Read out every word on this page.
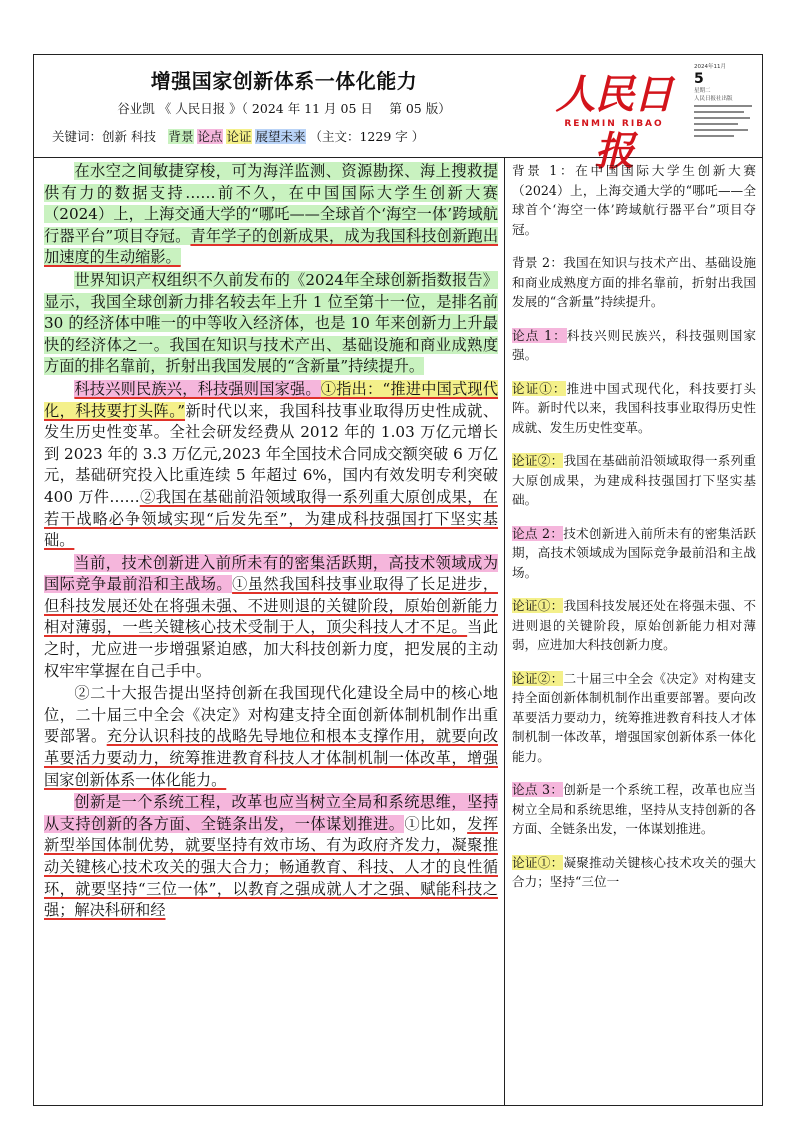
增强国家创新体系一体化能力
谷业凯 《 人民日报 》（ 2024 年 11 月 05 日　 第 05 版）
关键词：创新 科技　背景 论点 论证 展望未来 （主文：1229 字 ）
人民日报
RENMIN RIBAO
2024年11月
5
星期二
人民日报社出版

在水空之间敏捷穿梭，可为海洋监测、资源勘探、海上搜救提供有力的数据支持……前不久，在中国国际大学生创新大赛（2024）上，上海交通大学的“哪吒——全球首个‘海空一体’跨域航行器平台”项目夺冠。青年学子的创新成果，成为我国科技创新跑出加速度的生动缩影。

世界知识产权组织不久前发布的《2024年全球创新指数报告》显示，我国全球创新力排名较去年上升 1 位至第十一位，是排名前 30 的经济体中唯一的中等收入经济体，也是 10 年来创新力上升最快的经济体之一。我国在知识与技术产出、基础设施和商业成熟度方面的排名靠前，折射出我国发展的“含新量”持续提升。

科技兴则民族兴，科技强则国家强。①指出：“推进中国式现代化，科技要打头阵。”新时代以来，我国科技事业取得历史性成就、发生历史性变革。全社会研发经费从 2012 年的 1.03 万亿元增长到 2023 年的 3.3 万亿元,2023 年全国技术合同成交额突破 6 万亿元，基础研究投入比重连续 5 年超过 6%，国内有效发明专利突破 400 万件……②我国在基础前沿领域取得一系列重大原创成果，在若干战略必争领域实现“后发先至”，为建成科技强国打下坚实基础。

当前，技术创新进入前所未有的密集活跃期，高技术领域成为国际竞争最前沿和主战场。①虽然我国科技事业取得了长足进步，但科技发展还处在将强未强、不进则退的关键阶段，原始创新能力相对薄弱，一些关键核心技术受制于人，顶尖科技人才不足。当此之时，尤应进一步增强紧迫感，加大科技创新力度，把发展的主动权牢牢掌握在自己手中。

②二十大报告提出坚持创新在我国现代化建设全局中的核心地位，二十届三中全会《决定》对构建支持全面创新体制机制作出重要部署。充分认识科技的战略先导地位和根本支撑作用，就要向改革要活力要动力，统筹推进教育科技人才体制机制一体改革，增强国家创新体系一体化能力。

创新是一个系统工程，改革也应当树立全局和系统思维，坚持从支持创新的各方面、全链条出发，一体谋划推进。①比如，发挥新型举国体制优势，就要坚持有效市场、有为政府齐发力，凝聚推动关键核心技术攻关的强大合力；畅通教育、科技、人才的良性循环，就要坚持“三位一体”，以教育之强成就人才之强、赋能科技之强；解决科研和经

背景 1：在中国国际大学生创新大赛（2024）上，上海交通大学的“哪吒——全球首个‘海空一体’跨域航行器平台”项目夺冠。

背景 2：我国在知识与技术产出、基础设施和商业成熟度方面的排名靠前，折射出我国发展的“含新量”持续提升。

论点 1：科技兴则民族兴，科技强则国家强。

论证①：推进中国式现代化，科技要打头阵。新时代以来，我国科技事业取得历史性成就、发生历史性变革。

论证②：我国在基础前沿领域取得一系列重大原创成果，为建成科技强国打下坚实基础。

论点 2：技术创新进入前所未有的密集活跃期，高技术领域成为国际竞争最前沿和主战场。

论证①：我国科技发展还处在将强未强、不进则退的关键阶段，原始创新能力相对薄弱，应进加大科技创新力度。

论证②：二十届三中全会《决定》对构建支持全面创新体制机制作出重要部署。要向改革要活力要动力，统筹推进教育科技人才体制机制一体改革，增强国家创新体系一体化能力。

论点 3：创新是一个系统工程，改革也应当树立全局和系统思维，坚持从支持创新的各方面、全链条出发，一体谋划推进。

论证①：凝聚推动关键核心技术攻关的强大合力；坚持“三位一
